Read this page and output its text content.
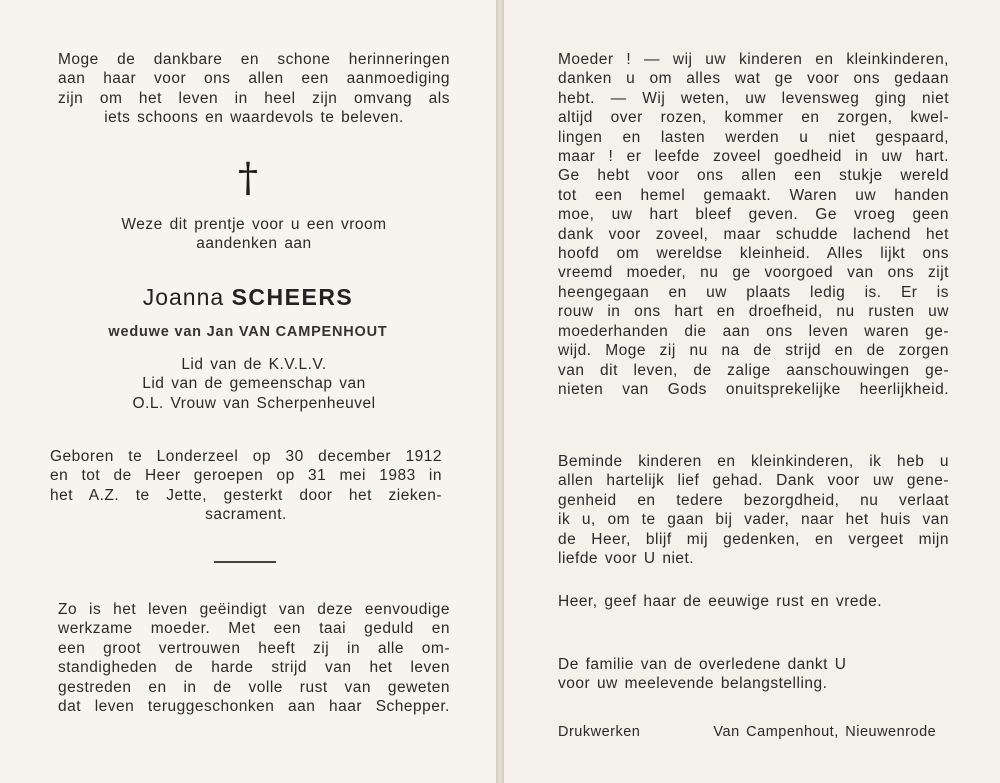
Moge de dankbare en schone herinneringen
aan haar voor ons allen een aanmoediging
zijn om het leven in heel zijn omvang als
iets schoons en waardevols te beleven.
†
Weze dit prentje voor u een vroom
aandenken aan
Joanna SCHEERS
weduwe van Jan VAN CAMPENHOUT
Lid van de K.V.L.V.
Lid van de gemeenschap van
O.L. Vrouw van Scherpenheuvel
Geboren te Londerzeel op 30 december 1912
en tot de Heer geroepen op 31 mei 1983 in
het A.Z. te Jette, gesterkt door het zieken-
sacrament.
Zo is het leven geëindigt van deze eenvoudige
werkzame moeder. Met een taai geduld en
een groot vertrouwen heeft zij in alle om-
standigheden de harde strijd van het leven
gestreden en in de volle rust van geweten
dat leven teruggeschonken aan haar Schepper.
Moeder ! — wij uw kinderen en kleinkinderen,
danken u om alles wat ge voor ons gedaan
hebt. — Wij weten, uw levensweg ging niet
altijd over rozen, kommer en zorgen, kwel-
lingen en lasten werden u niet gespaard,
maar ! er leefde zoveel goedheid in uw hart.
Ge hebt voor ons allen een stukje wereld
tot een hemel gemaakt. Waren uw handen
moe, uw hart bleef geven. Ge vroeg geen
dank voor zoveel, maar schudde lachend het
hoofd om wereldse kleinheid. Alles lijkt ons
vreemd moeder, nu ge voorgoed van ons zijt
heengegaan en uw plaats ledig is. Er is
rouw in ons hart en droefheid, nu rusten uw
moederhanden die aan ons leven waren ge-
wijd. Moge zij nu na de strijd en de zorgen
van dit leven, de zalige aanschouwingen ge-
nieten van Gods onuitsprekelijke heerlijkheid.
Beminde kinderen en kleinkinderen, ik heb u
allen hartelijk lief gehad. Dank voor uw gene-
genheid en tedere bezorgdheid, nu verlaat
ik u, om te gaan bij vader, naar het huis van
de Heer, blijf mij gedenken, en vergeet mijn
liefde voor U niet.
Heer, geef haar de eeuwige rust en vrede.
De familie van de overledene dankt U
voor uw meelevende belangstelling.
Drukwerken	Van Campenhout, Nieuwenrode
